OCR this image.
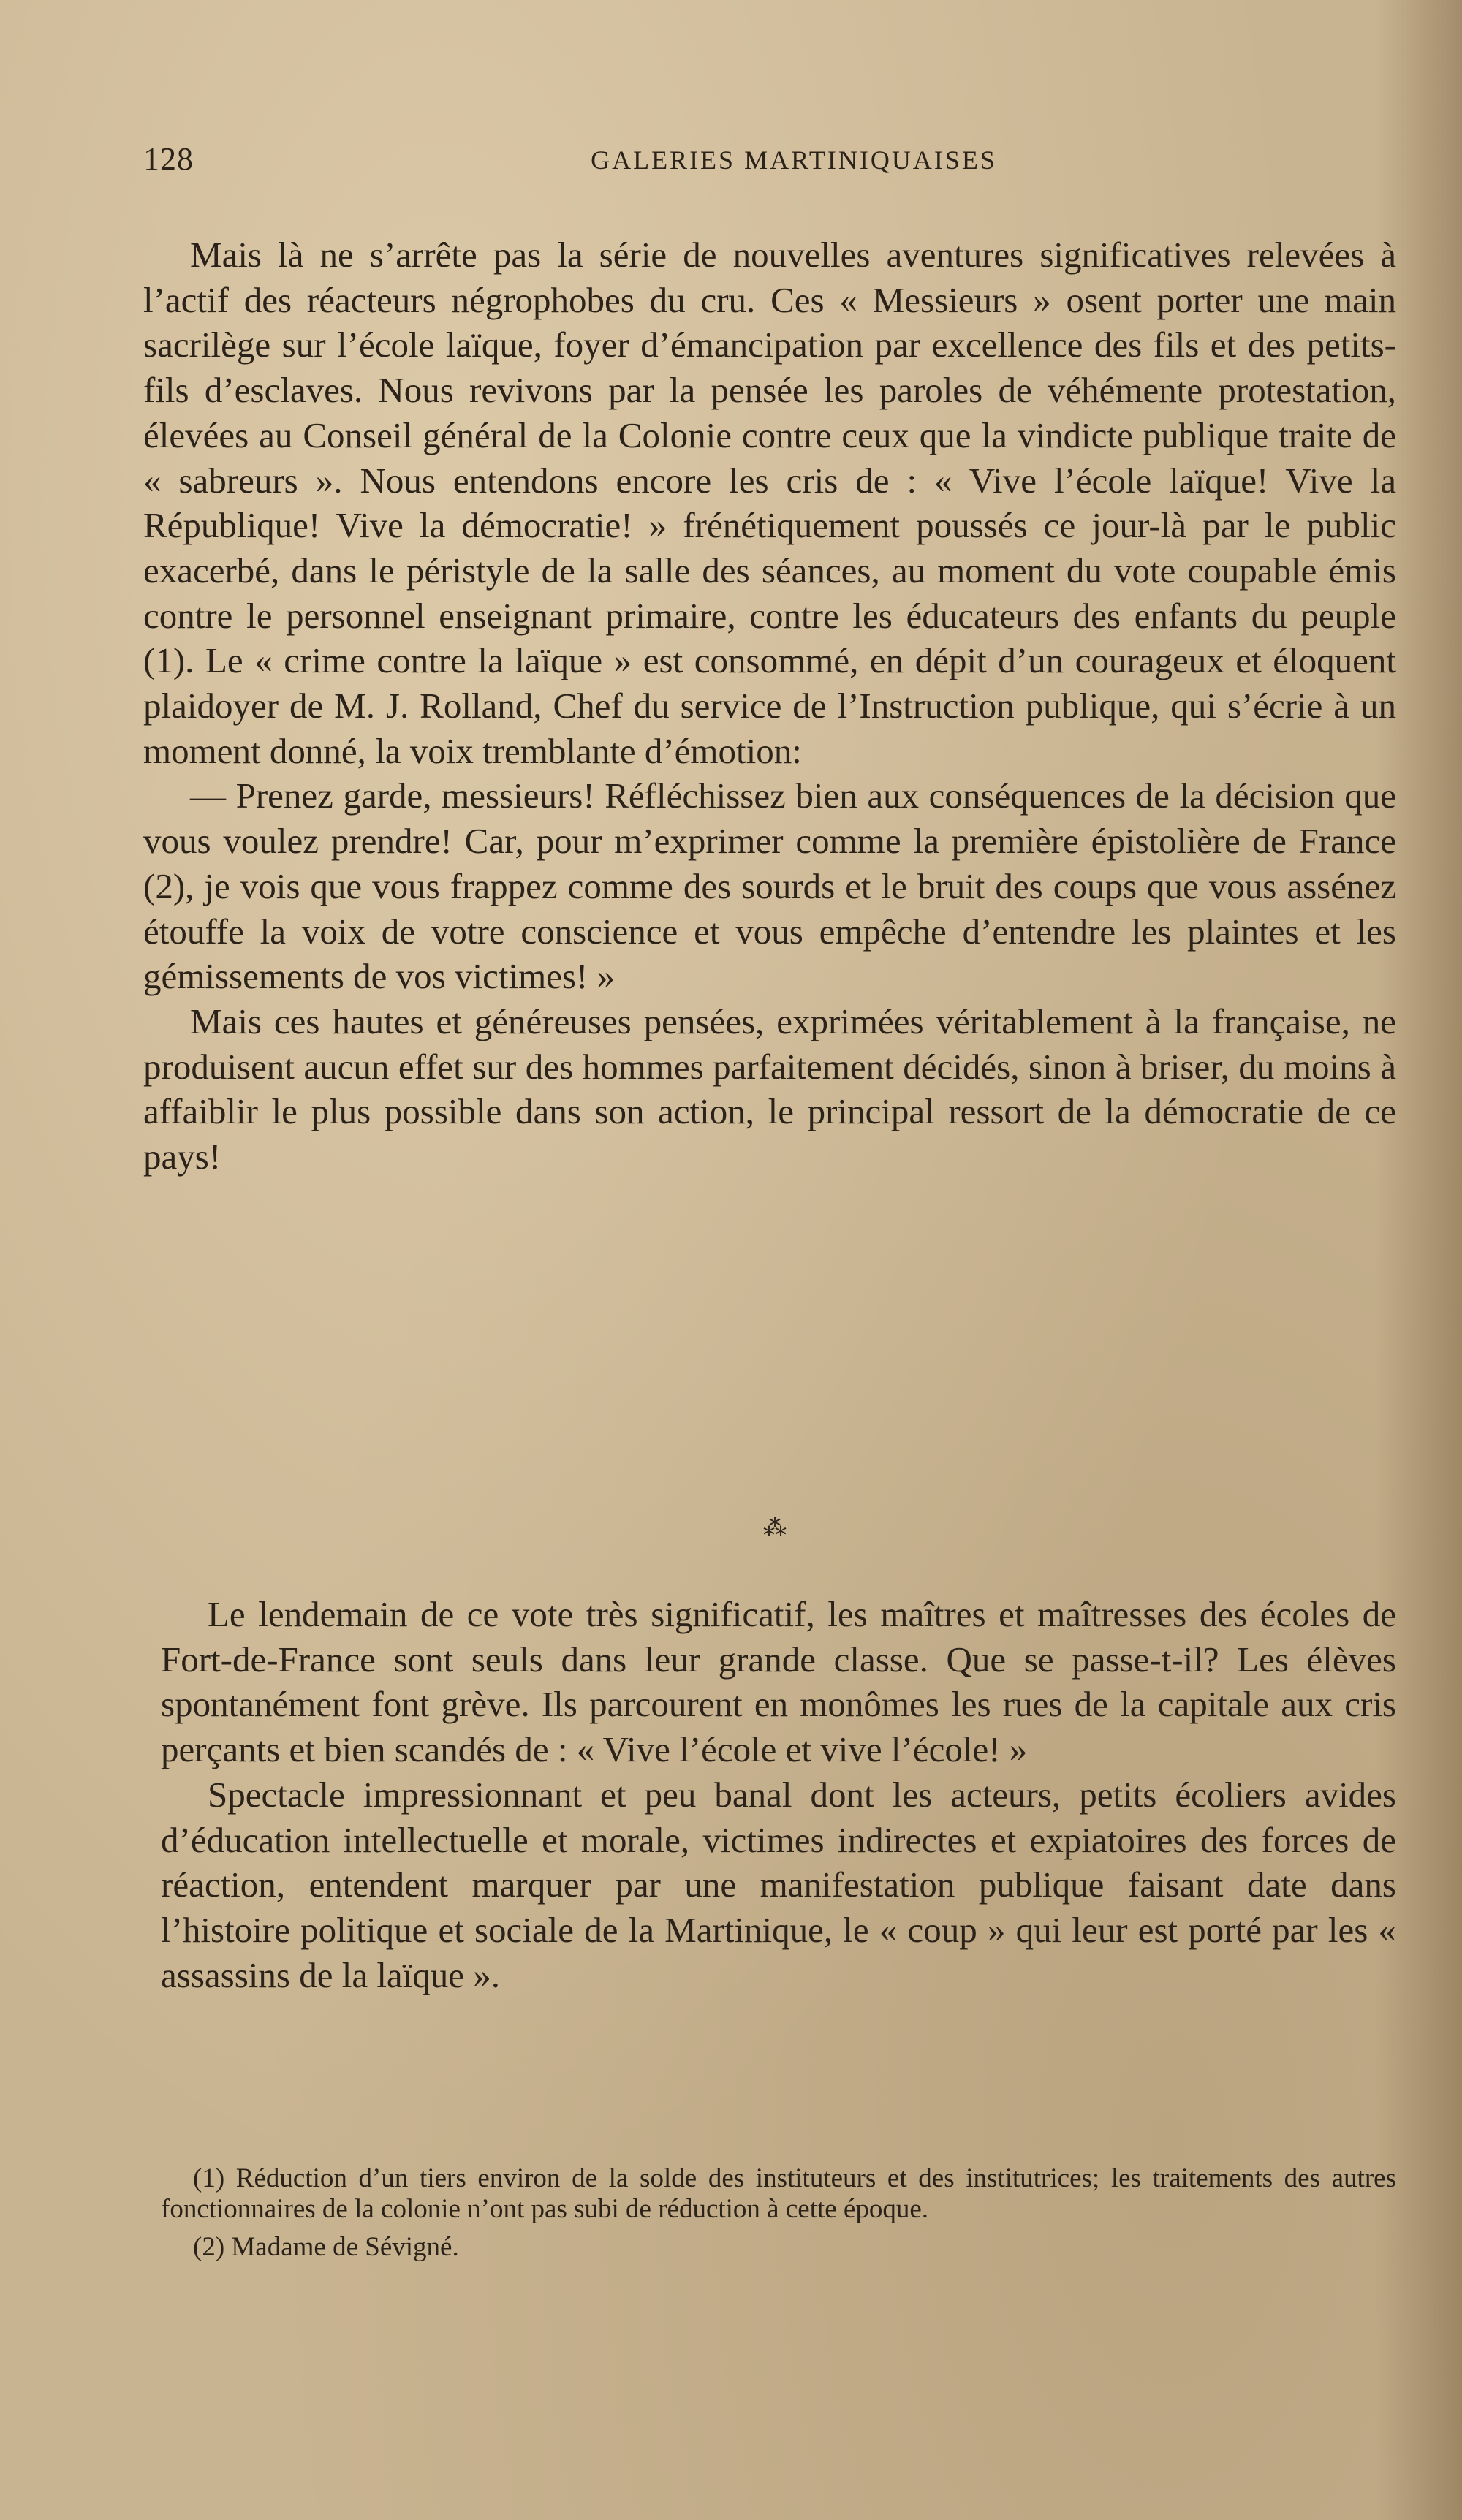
128	GALERIES MARTINIQUAISES

Mais là ne s’arrête pas la série de nouvelles aventures significatives relevées à l’actif des réacteurs négrophobes du cru. Ces « Messieurs » osent porter une main sacrilège sur l’école laïque, foyer d’émancipation par excellence des fils et des petits-fils d’esclaves. Nous revivons par la pensée les paroles de véhémente protestation, élevées au Conseil général de la Colonie contre ceux que la vindicte publique traite de « sabreurs ». Nous entendons encore les cris de : « Vive l’école laïque! Vive la République! Vive la démocratie! » frénétiquement poussés ce jour-là par le public exacerbé, dans le péristyle de la salle des séances, au moment du vote coupable émis contre le personnel enseignant primaire, contre les éducateurs des enfants du peuple (1). Le « crime contre la laïque » est consommé, en dépit d’un courageux et éloquent plaidoyer de M. J. Rolland, Chef du service de l’Instruction publique, qui s’écrie à un moment donné, la voix tremblante d’émotion:

— Prenez garde, messieurs! Réfléchissez bien aux conséquences de la décision que vous voulez prendre! Car, pour m’exprimer comme la première épistolière de France (2), je vois que vous frappez comme des sourds et le bruit des coups que vous assénez étouffe la voix de votre conscience et vous empêche d’entendre les plaintes et les gémissements de vos victimes! »

Mais ces hautes et généreuses pensées, exprimées véritablement à la française, ne produisent aucun effet sur des hommes parfaitement décidés, sinon à briser, du moins à affaiblir le plus possible dans son action, le principal ressort de la démocratie de ce pays!

⁂

Le lendemain de ce vote très significatif, les maîtres et maîtresses des écoles de Fort-de-France sont seuls dans leur grande classe. Que se passe-t-il? Les élèves spontanément font grève. Ils parcourent en monômes les rues de la capitale aux cris perçants et bien scandés de : « Vive l’école et vive l’école! »

Spectacle impressionnant et peu banal dont les acteurs, petits écoliers avides d’éducation intellectuelle et morale, victimes indirectes et expiatoires des forces de réaction, entendent marquer par une manifestation publique faisant date dans l’histoire politique et sociale de la Martinique, le « coup » qui leur est porté par les « assassins de la laïque ».

(1) Réduction d’un tiers environ de la solde des instituteurs et des institutrices; les traitements des autres fonctionnaires de la colonie n’ont pas subi de réduction à cette époque.

(2) Madame de Sévigné.
